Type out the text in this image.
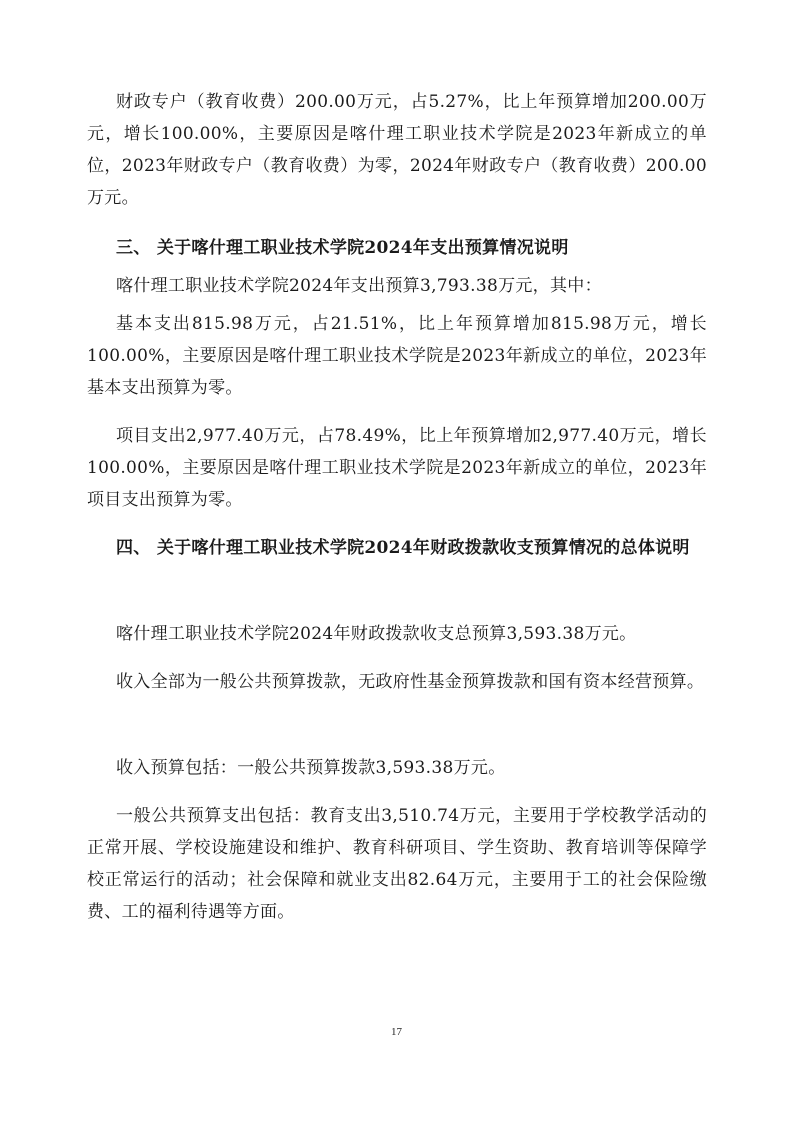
财政专户（教育收费）200.00万元，占5.27%，比上年预算增加200.00万元，增长100.00%，主要原因是喀什理工职业技术学院是2023年新成立的单位，2023年财政专户（教育收费）为零，2024年财政专户（教育收费）200.00万元。

三、 关于喀什理工职业技术学院2024年支出预算情况说明

喀什理工职业技术学院2024年支出预算3,793.38万元，其中：

基本支出815.98万元，占21.51%，比上年预算增加815.98万元，增长100.00%，主要原因是喀什理工职业技术学院是2023年新成立的单位，2023年基本支出预算为零。

项目支出2,977.40万元，占78.49%，比上年预算增加2,977.40万元，增长100.00%，主要原因是喀什理工职业技术学院是2023年新成立的单位，2023年项目支出预算为零。

四、 关于喀什理工职业技术学院2024年财政拨款收支预算情况的总体说明

喀什理工职业技术学院2024年财政拨款收支总预算3,593.38万元。

收入全部为一般公共预算拨款，无政府性基金预算拨款和国有资本经营预算。

收入预算包括：一般公共预算拨款3,593.38万元。

一般公共预算支出包括：教育支出3,510.74万元，主要用于学校教学活动的正常开展、学校设施建设和维护、教育科研项目、学生资助、教育培训等保障学校正常运行的活动；社会保障和就业支出82.64万元，主要用于工的社会保险缴费、工的福利待遇等方面。

17
